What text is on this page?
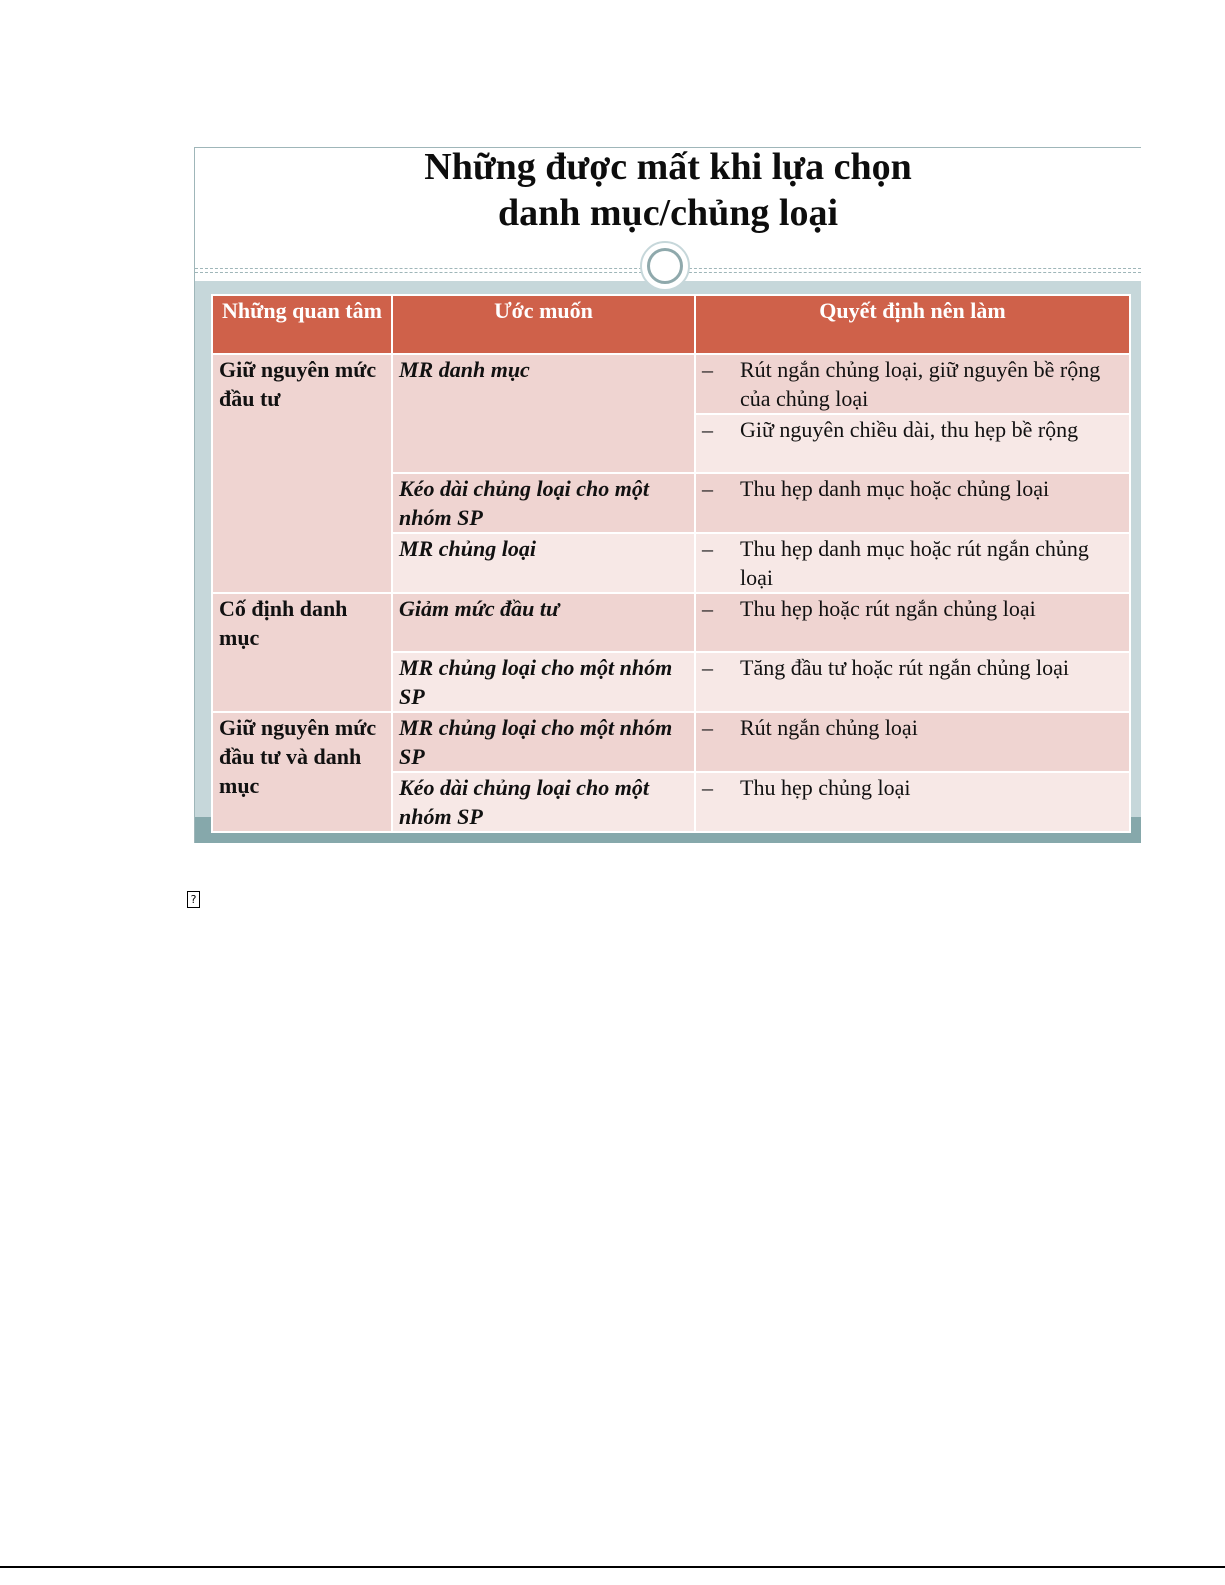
Những được mất khi lựa chọn
danh mục/chủng loại
Những quan tâm	Ước muốn	Quyết định nên làm
Giữ nguyên mức đầu tư	MR danh mục	– Rút ngắn chủng loại, giữ nguyên bề rộng của chủng loại

		– Giữ nguyên chiều dài, thu hẹp bề rộng

	Kéo dài chủng loại cho một nhóm SP	– Thu hẹp danh mục hoặc chủng loại

	MR chủng loại	– Thu hẹp danh mục hoặc rút ngắn chủng loại

Cố định danh mục	Giảm mức đầu tư	– Thu hẹp hoặc rút ngắn chủng loại

	MR chủng loại cho một nhóm SP	– Tăng đầu tư hoặc rút ngắn chủng loại

Giữ nguyên mức đầu tư và danh mục	MR chủng loại cho một nhóm SP	– Rút ngắn chủng loại

	Kéo dài chủng loại cho một nhóm SP	– Thu hẹp chủng loại
?
